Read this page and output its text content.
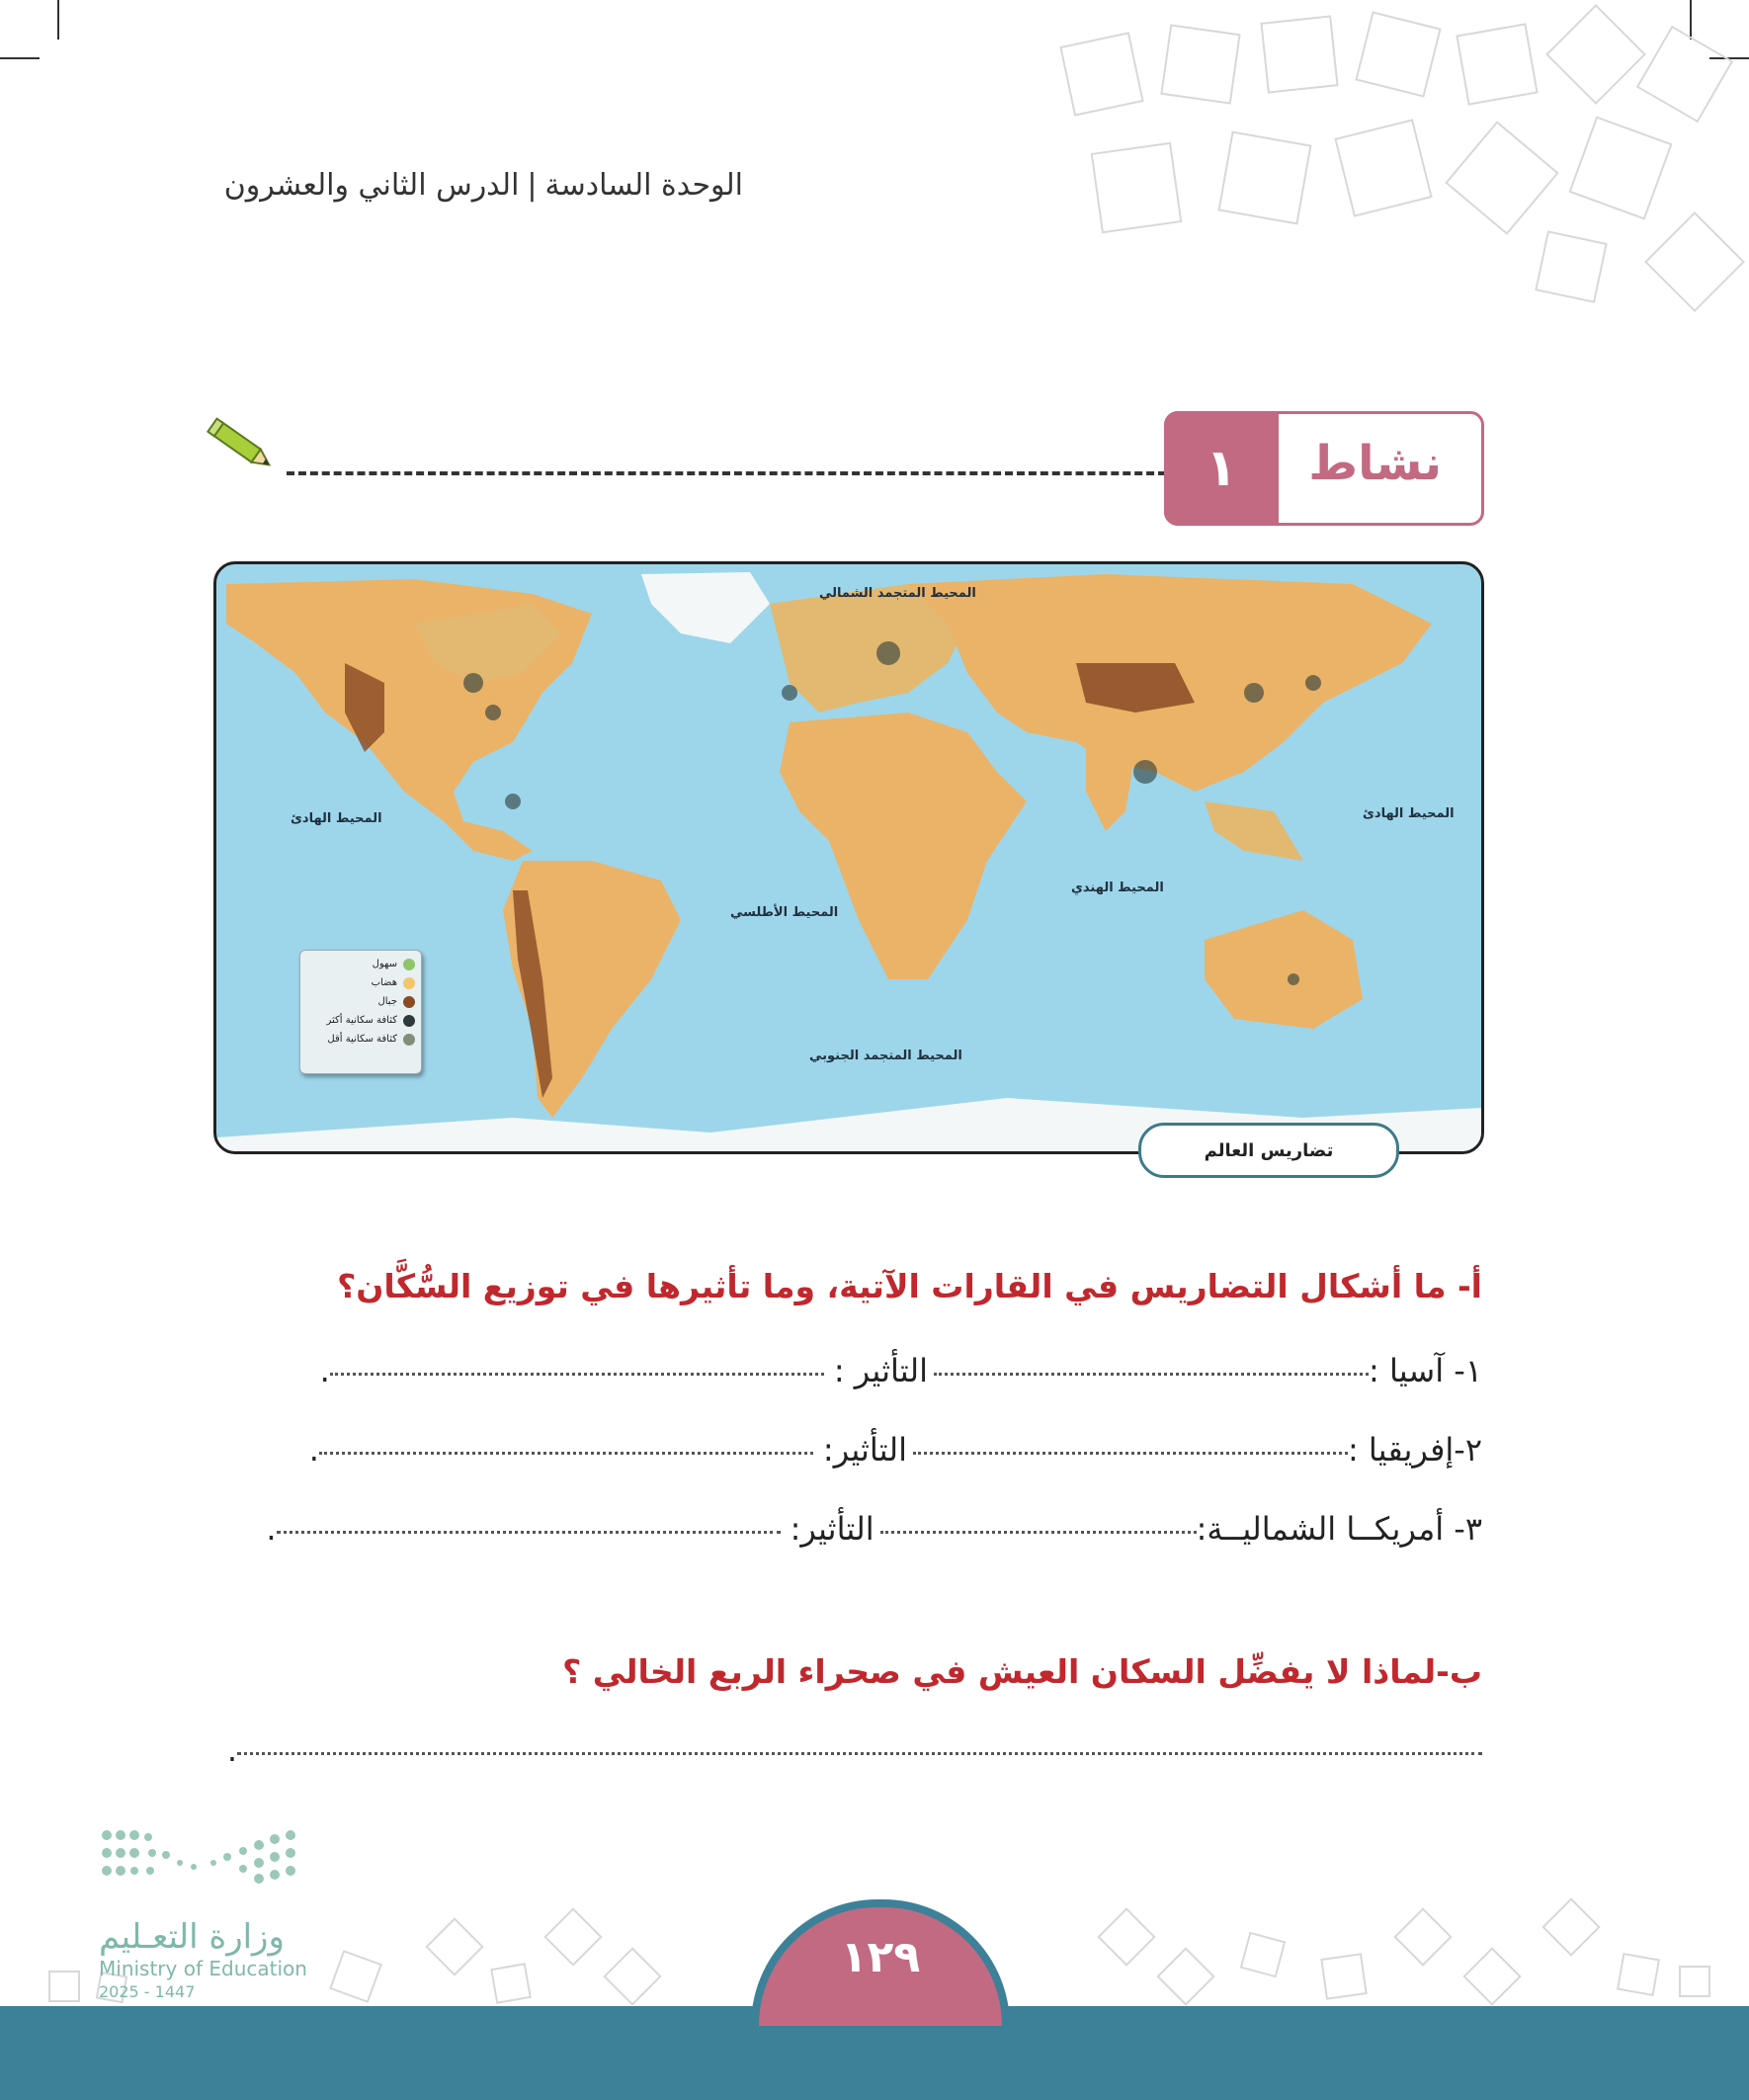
الوحدة السادسة|الدرس الثاني والعشرون
١	نشاط
المحيط المتجمد الشمالي
المحيط الهادئ	المحيط الهادئ
المحيط الأطلسي
المحيط الهندي
المحيط المتجمد الجنوبي
سهول
هضاب
جبال
كثافة سكانية أكثر
كثافة سكانية أقل
تضاريس العالم
أ- ما أشكال التضاريس في القارات الآتية، وما تأثيرها في توزيع السُّكَّان؟
١- آسيا :
التأثير :
.
٢-إفريقيا :
التأثير:
.
٣- أمريكــا الشماليــة:
التأثير:
.
ب-لماذا لا يفضِّل السكان العيش في صحراء الربع الخالي ؟
.
وزارة التعـليم
Ministry of Education
2025 - 1447
١٢٩
